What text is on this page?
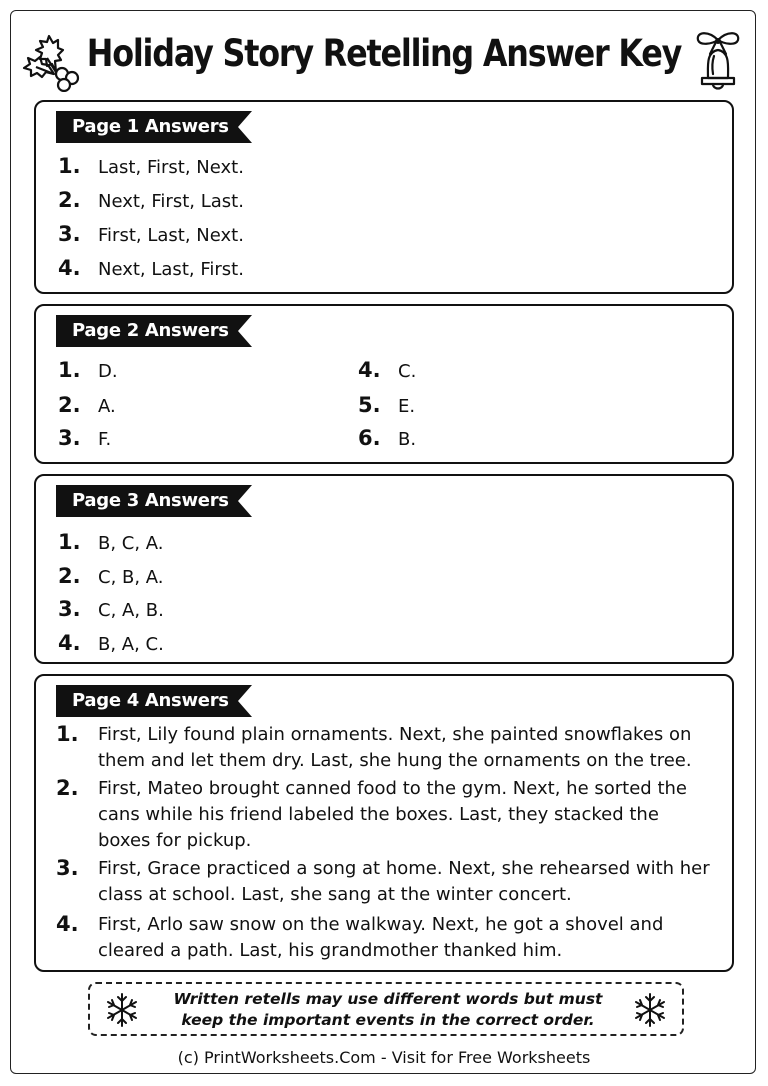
Holiday Story Retelling Answer Key
Page 1 Answers
1. Last, First, Next.
2. Next, First, Last.
3. First, Last, Next.
4. Next, Last, First.
Page 2 Answers
1. D.
2. A.
3. F.
4. C.
5. E.
6. B.
Page 3 Answers
1. B, C, A.
2. C, B, A.
3. C, A, B.
4. B, A, C.
Page 4 Answers
1.	First, Lily found plain ornaments. Next, she painted snowflakes on them and let them dry. Last, she hung the ornaments on the tree.
2.	First, Mateo brought canned food to the gym. Next, he sorted the cans while his friend labeled the boxes. Last, they stacked the boxes for pickup.
3.	First, Grace practiced a song at home. Next, she rehearsed with her class at school. Last, she sang at the winter concert.
4.	First, Arlo saw snow on the walkway. Next, he got a shovel and cleared a path. Last, his grandmother thanked him.
Written retells may use different words but must keep the important events in the correct order.
(c) PrintWorksheets.Com - Visit for Free Worksheets
